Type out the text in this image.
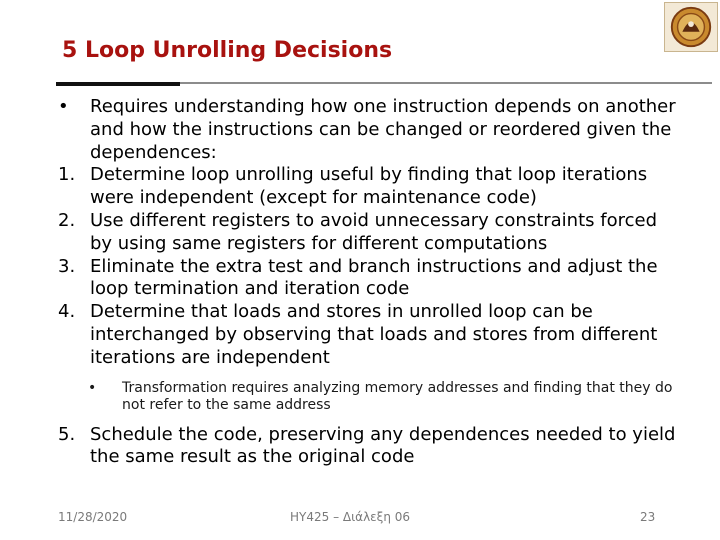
5 Loop Unrolling Decisions
•	Requires understanding how one instruction depends on another and how the instructions can be changed or reordered given the dependences:
1. Determine loop unrolling useful by finding that loop iterations were independent (except for maintenance code)
2. Use different registers to avoid unnecessary constraints forced by using same registers for different computations
3. Eliminate the extra test and branch instructions and adjust the loop termination and iteration code
4. Determine that loads and stores in unrolled loop can be interchanged by observing that loads and stores from different iterations are independent
•	Transformation requires analyzing memory addresses and finding that they do not refer to the same address
5. Schedule the code, preserving any dependences needed to yield the same result as the original code
11/28/2020	HY425 – Διάλεξη 06	23
